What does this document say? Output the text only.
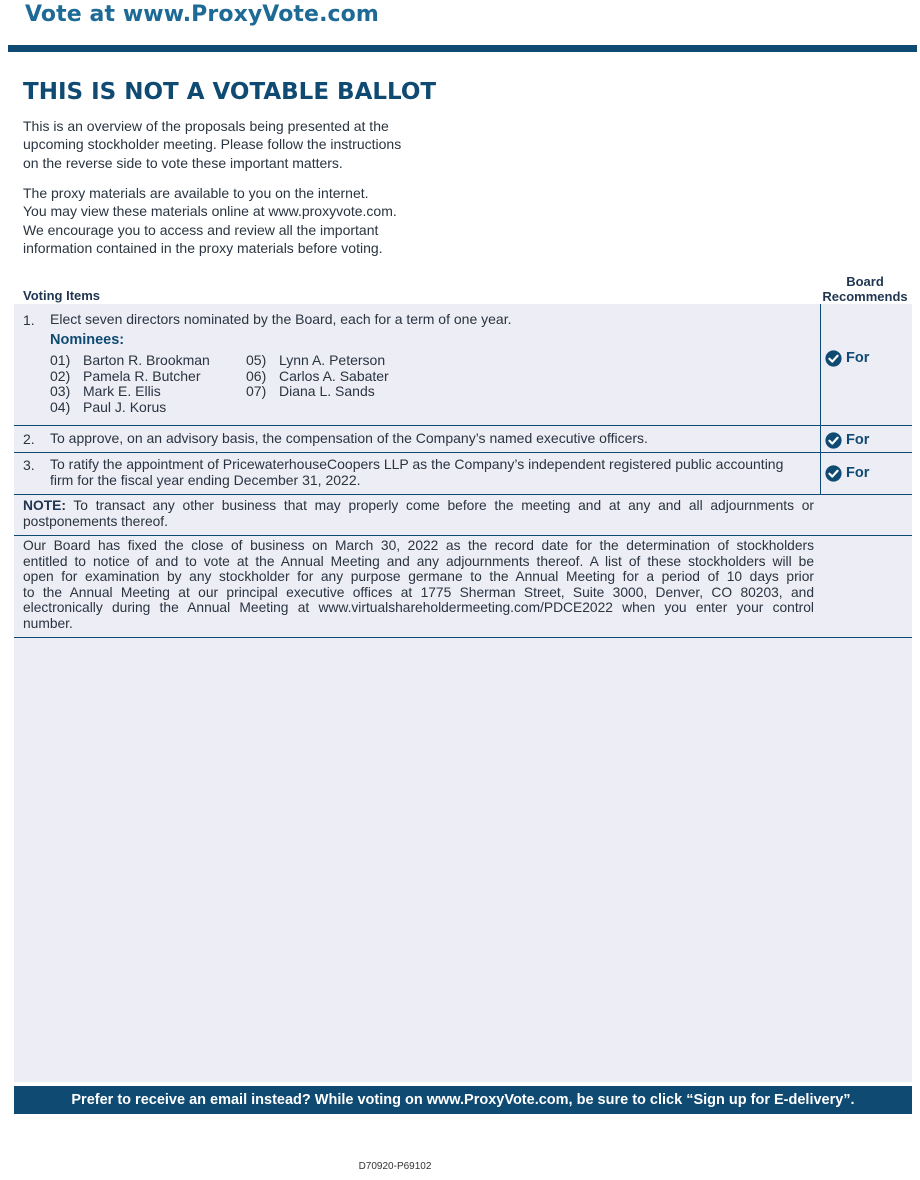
Vote at www.ProxyVote.com
THIS IS NOT A VOTABLE BALLOT
This is an overview of the proposals being presented at the
upcoming stockholder meeting. Please follow the instructions
on the reverse side to vote these important matters.
The proxy materials are available to you on the internet.
You may view these materials online at www.proxyvote.com.
We encourage you to access and review all the important
information contained in the proxy materials before voting.
Voting Items
Board
Recommends
1. Elect seven directors nominated by the Board, each for a term of one year.
Nominees:
01) Barton R. Brookman
02) Pamela R. Butcher
03) Mark E. Ellis
04) Paul J. Korus
05) Lynn A. Peterson
06) Carlos A. Sabater
07) Diana L. Sands
For
2. To approve, on an advisory basis, the compensation of the Company’s named executive officers.	For
3. To ratify the appointment of PricewaterhouseCoopers LLP as the Company’s independent registered public accounting
firm for the fiscal year ending December 31, 2022.	For
NOTE: To transact any other business that may properly come before the meeting and at any and all adjournments or
postponements thereof.
Our Board has fixed the close of business on March 30, 2022 as the record date for the determination of stockholders
entitled to notice of and to vote at the Annual Meeting and any adjournments thereof. A list of these stockholders will be
open for examination by any stockholder for any purpose germane to the Annual Meeting for a period of 10 days prior
to the Annual Meeting at our principal executive offices at 1775 Sherman Street, Suite 3000, Denver, CO 80203, and
electronically during the Annual Meeting at www.virtualshareholdermeeting.com/PDCE2022 when you enter your control
number.
Prefer to receive an email instead? While voting on www.ProxyVote.com, be sure to click “Sign up for E-delivery”.
D70920-P69102
